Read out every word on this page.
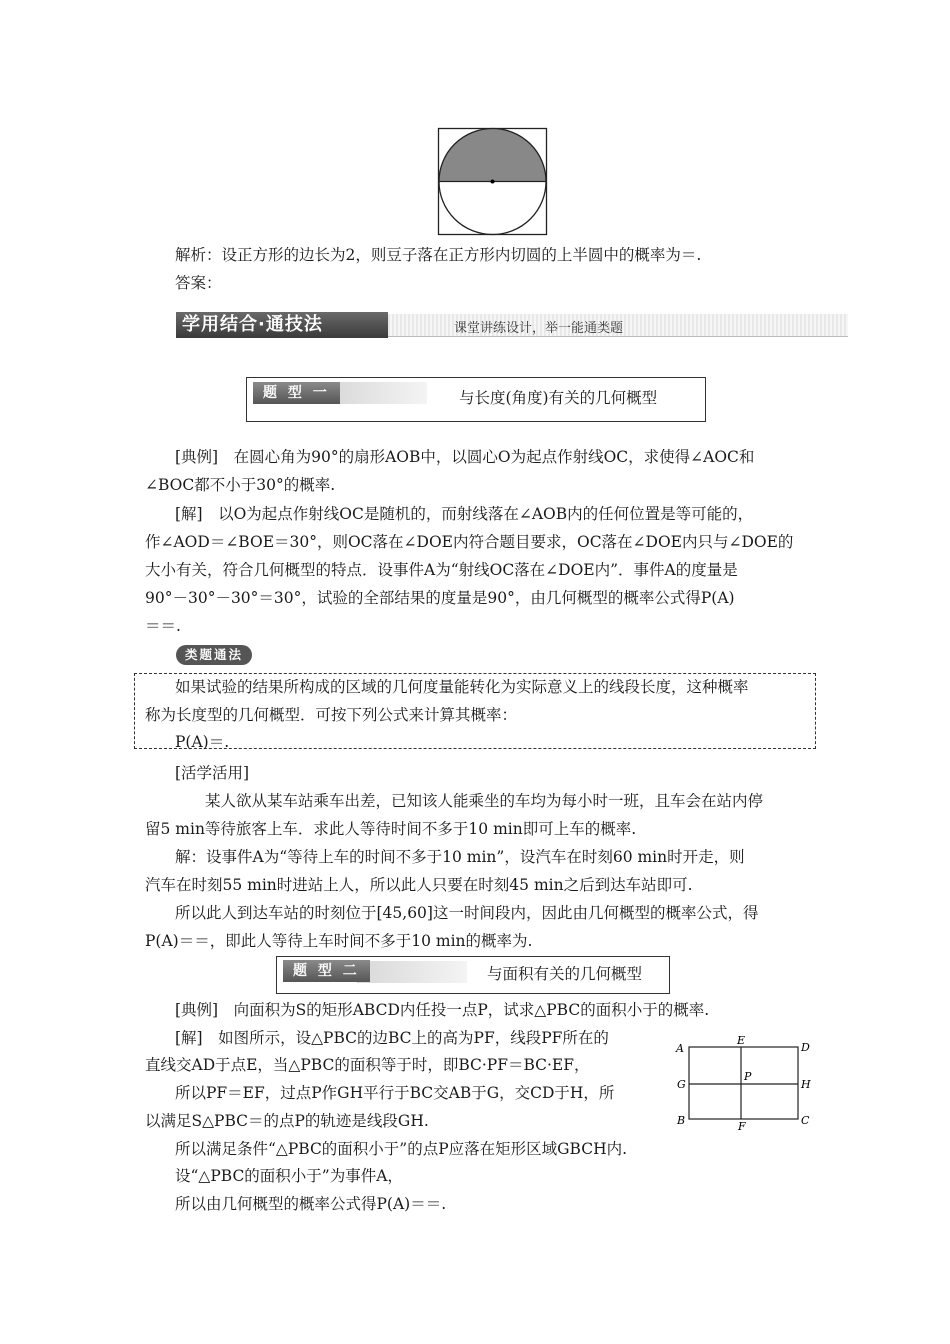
解析：设正方形的边长为2，则豆子落在正方形内切圆的上半圆中的概率为＝.
答案：
学用结合·通技法	课堂讲练设计，举一能通类题
题 型 一	与长度(角度)有关的几何概型
[典例]　在圆心角为90°的扇形AOB中，以圆心O为起点作射线OC，求使得∠AOC和
∠BOC都不小于30°的概率.
[解]　以O为起点作射线OC是随机的，而射线落在∠AOB内的任何位置是等可能的，
作∠AOD＝∠BOE＝30°，则OC落在∠DOE内符合题目要求，OC落在∠DOE内只与∠DOE的
大小有关，符合几何概型的特点．设事件A为“射线OC落在∠DOE内”．事件A的度量是
90°－30°－30°＝30°，试验的全部结果的度量是90°，由几何概型的概率公式得P(A)
＝＝.
类题通法
如果试验的结果所构成的区域的几何度量能转化为实际意义上的线段长度，这种概率
称为长度型的几何概型．可按下列公式来计算其概率：
P(A)＝.
[活学活用]
某人欲从某车站乘车出差，已知该人能乘坐的车均为每小时一班，且车会在站内停
留5 min等待旅客上车．求此人等待时间不多于10 min即可上车的概率.
解：设事件A为“等待上车的时间不多于10 min”，设汽车在时刻60 min时开走，则
汽车在时刻55 min时进站上人，所以此人只要在时刻45 min之后到达车站即可.
所以此人到达车站的时刻位于[45,60]这一时间段内，因此由几何概型的概率公式，得
P(A)＝＝，即此人等待上车时间不多于10 min的概率为.
题 型 二	与面积有关的几何概型
[典例]　向面积为S的矩形ABCD内任投一点P，试求△PBC的面积小于的概率.
[解]　如图所示，设△PBC的边BC上的高为PF，线段PF所在的
直线交AD于点E，当△PBC的面积等于时，即BC·PF＝BC·EF，
所以PF＝EF，过点P作GH平行于BC交AB于G，交CD于H，所
以满足S△PBC＝的点P的轨迹是线段GH.
所以满足条件“△PBC的面积小于”的点P应落在矩形区域GBCH内.
设“△PBC的面积小于”为事件A，
所以由几何概型的概率公式得P(A)＝＝.
A
E
D
G
P
H
B	F	C
